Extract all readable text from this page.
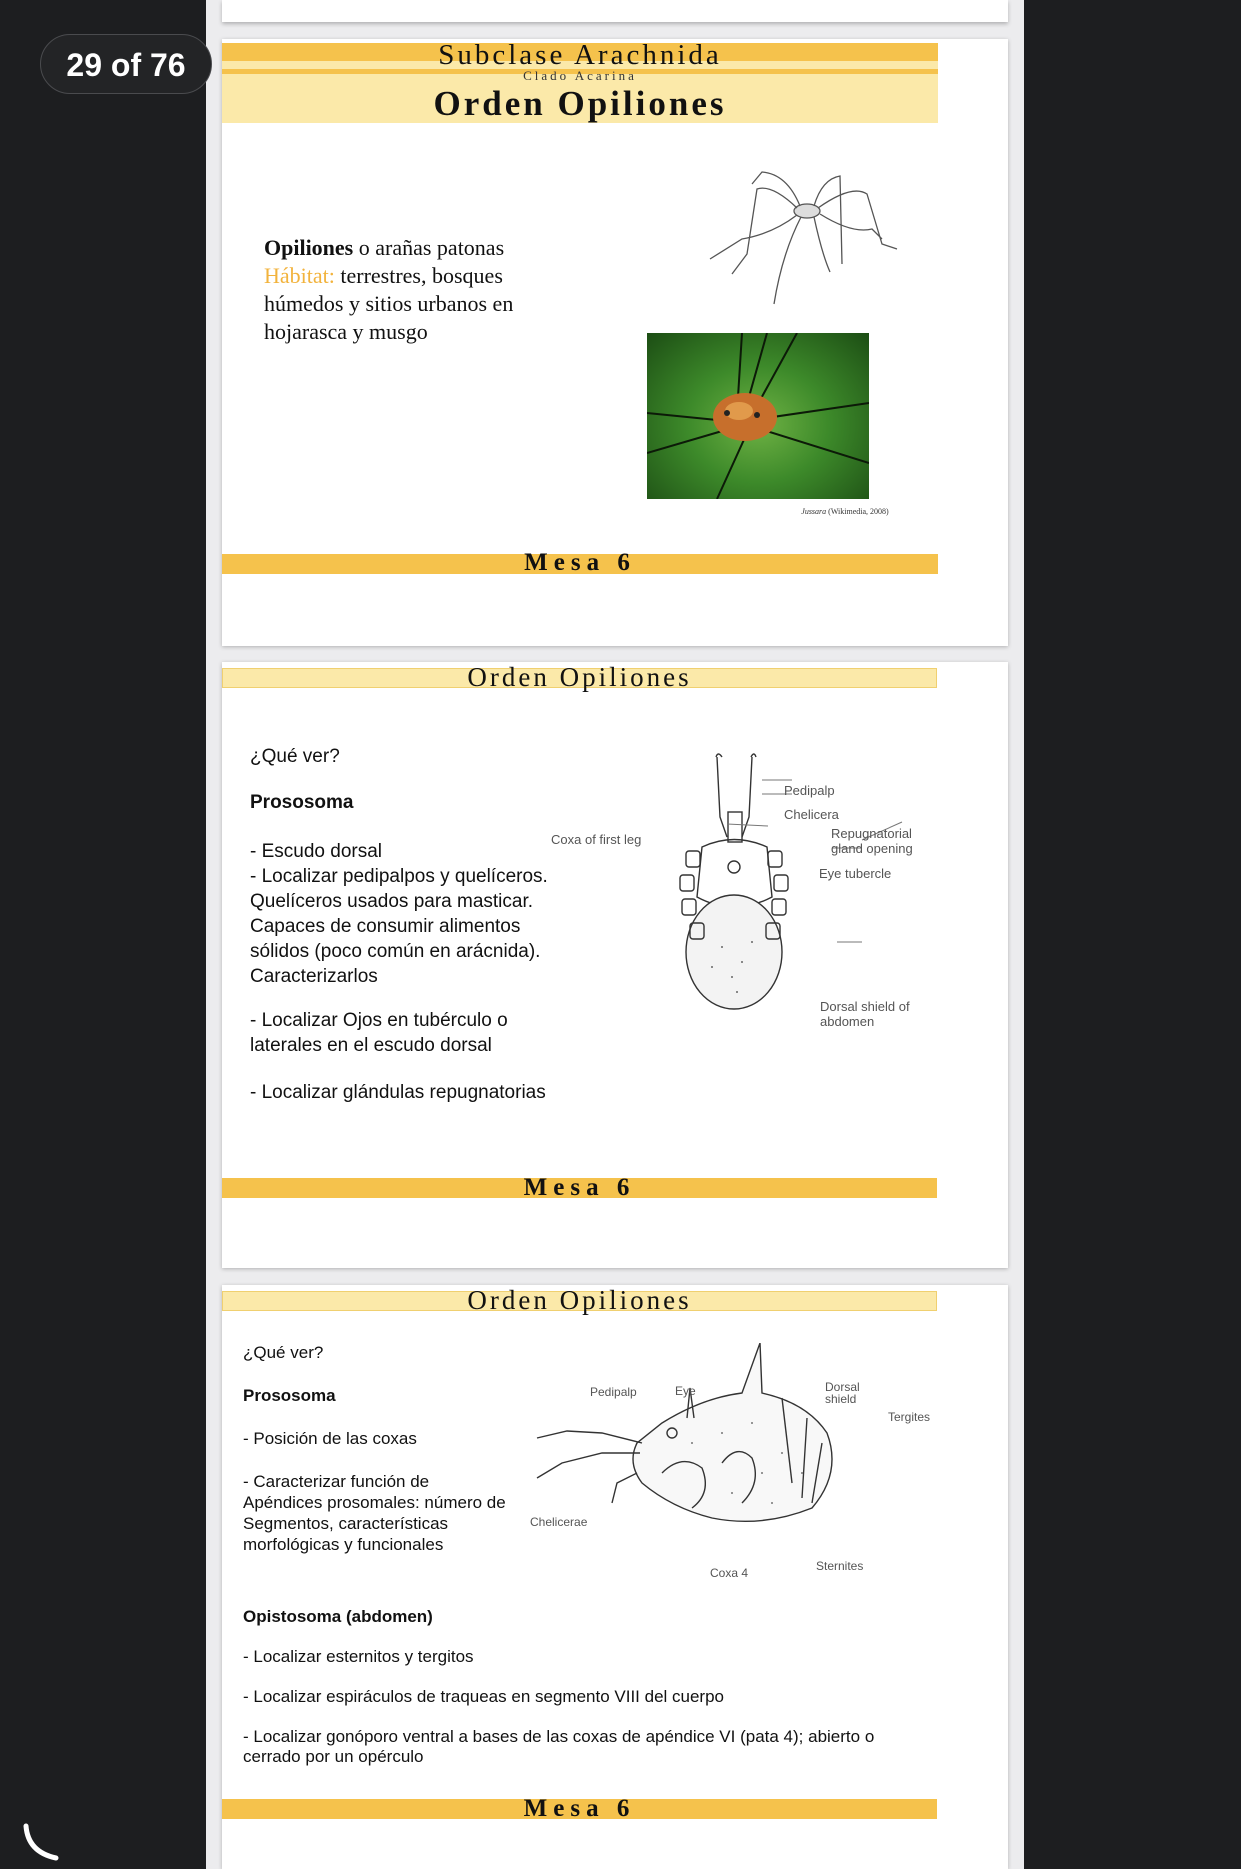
Subclase Arachnida
Clado Acarina
Orden Opiliones
Opiliones o arañas patonas
Hábitat: terrestres, bosques
húmedos y sitios urbanos en
hojarasca y musgo
Jussara (Wikimedia, 2008)
Mesa 6
Orden Opiliones
¿Qué ver?
Prososoma
- Escudo dorsal
- Localizar pedipalpos y quelíceros.
Quelíceros usados para masticar.
Capaces de consumir alimentos
sólidos (poco común en arácnida).
Caracterizarlos
- Localizar Ojos en tubérculo o
laterales en el escudo dorsal
- Localizar glándulas repugnatorias
Pedipalp
Chelicera
Coxa of first leg	Repugnatorial
gland opening
Eye tubercle
Dorsal shield of
abdomen
Mesa 6
Orden Opiliones
¿Qué ver?
Prososoma
- Posición de las coxas
- Caracterizar función de
Apéndices prosomales: número de
Segmentos, características
morfológicas y funcionales
Opistosoma (abdomen)
- Localizar esternitos y tergitos
- Localizar espiráculos de traqueas en segmento VIII del cuerpo
- Localizar gonóporo ventral a bases de las coxas de apéndice VI (pata 4); abierto o
cerrado por un opérculo
Pedipalp	Eye	Dorsal
shield
Tergites
Chelicerae
Coxa 4	Sternites
Mesa 6
29 of 76
